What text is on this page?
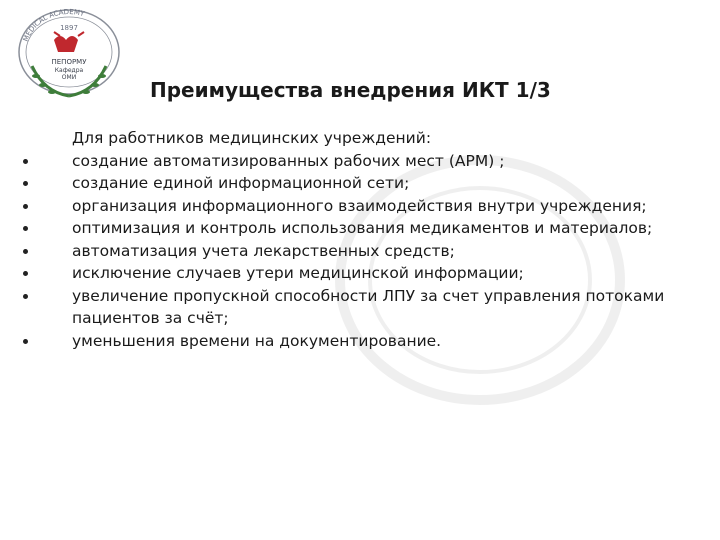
MEDICAL ACADEMY
1897
ПЕПОРМУ
Кафедра
ОМИ
Преимущества внедрения ИКТ 1/3
Для работников медицинских учреждений:
создание автоматизированных рабочих мест (АРМ) ;
создание единой информационной сети;
организация информационного взаимодействия внутри учреждения;
оптимизация и контроль использования медикаментов и материалов;
автоматизация учета лекарственных средств;
исключение случаев утери медицинской информации;
увеличение пропускной способности ЛПУ за счет управления потоками пациентов за счёт;
уменьшения времени на документирование.
